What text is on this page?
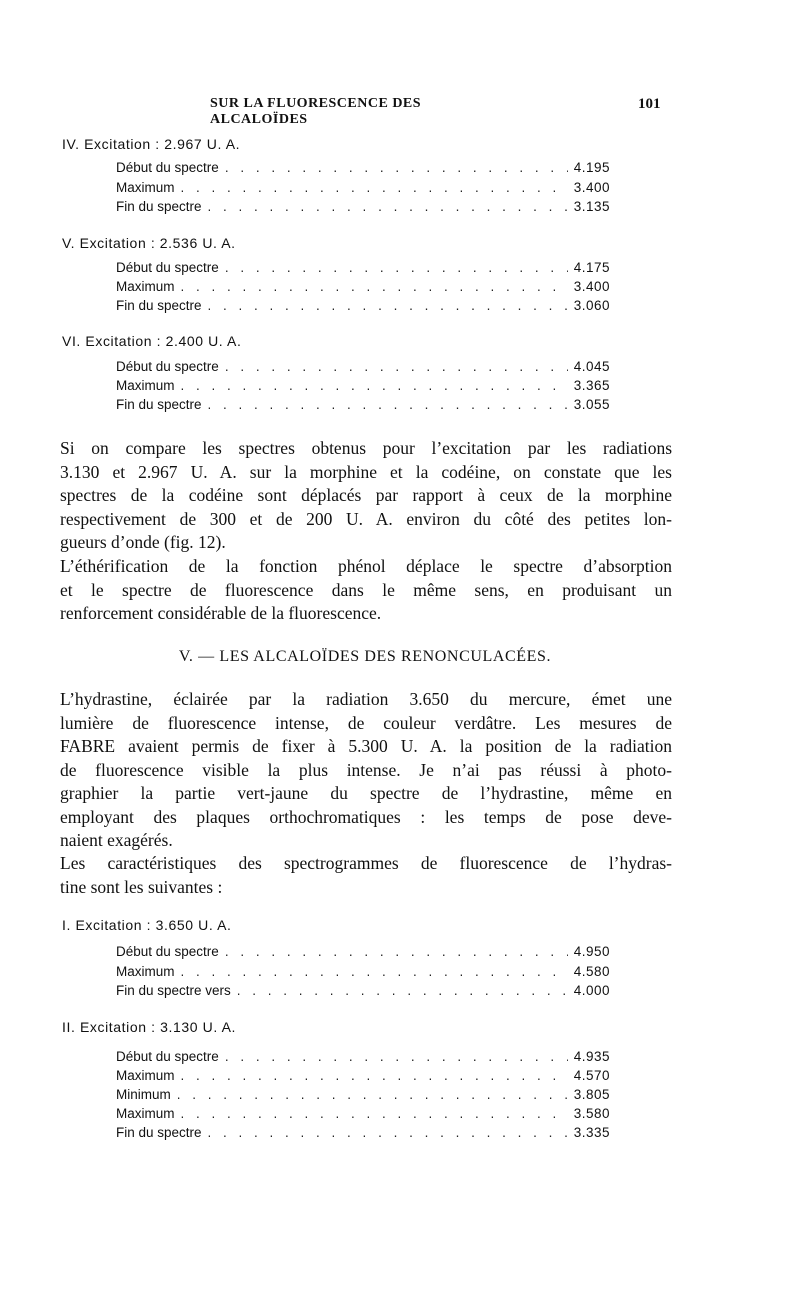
SUR LA FLUORESCENCE DES ALCALOÏDES
101
IV. Excitation : 2.967 U. A.
Début du spectre . . .	4.195
Maximum . . .	3.400
Fin du spectre . . .	3.135
V. Excitation : 2.536 U. A.
Début du spectre . . .	4.175
Maximum . . .	3.400
Fin du spectre . . .	3.060
VI. Excitation : 2.400 U. A.
Début du spectre . . .	4.045
Maximum . . .	3.365
Fin du spectre . . .	3.055
Si on compare les spectres obtenus pour l’excitation par les radiations
3.130 et 2.967 U. A. sur la morphine et la codéine, on constate que les
spectres de la codéine sont déplacés par rapport à ceux de la morphine
respectivement de 300 et de 200 U. A. environ du côté des petites lon-
gueurs d’onde (fig. 12).
L’éthérification de la fonction phénol déplace le spectre d’absorption
et le spectre de fluorescence dans le même sens, en produisant un
renforcement considérable de la fluorescence.
V. — LES ALCALOÏDES DES RENONCULACÉES.
L’hydrastine, éclairée par la radiation 3.650 du mercure, émet une
lumière de fluorescence intense, de couleur verdâtre. Les mesures de
FABRE avaient permis de fixer à 5.300 U. A. la position de la radiation
de fluorescence visible la plus intense. Je n’ai pas réussi à photo-
graphier la partie vert-jaune du spectre de l’hydrastine, même en
employant des plaques orthochromatiques : les temps de pose deve-
naient exagérés.
Les caractéristiques des spectrogrammes de fluorescence de l’hydras-
tine sont les suivantes :
I. Excitation : 3.650 U. A.
Début du spectre . . .	4.950
Maximum . . .	4.580
Fin du spectre vers . . .	4.000
II. Excitation : 3.130 U. A.
Début du spectre . . .	4.935
Maximum . . .	4.570
Minimum . . .	3.805
Maximum . . .	3.580
Fin du spectre . . .	3.335
